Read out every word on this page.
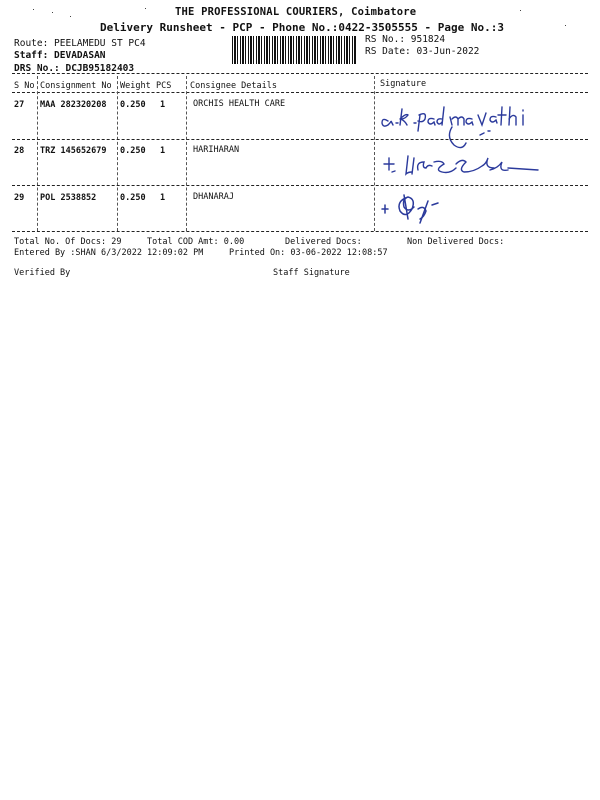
THE PROFESSIONAL COURIERS, Coimbatore
Delivery Runsheet - PCP - Phone No.:0422-3505555 - Page No.:3
Route: PEELAMEDU ST PC4
Staff: DEVADASAN
DRS No.: DCJB95182403
RS No.: 951824
RS Date: 03-Jun-2022
S No Consignment No Weight PCS Consignee Details	Signature
27 MAA 282320208 0.250 1	ORCHIS HEALTH CARE
28 TRZ 145652679 0.250 1	HARIHARAN
29 POL 2538852	0.250 1	DHANARAJ
Total No. Of Docs: 29	Total COD Amt: 0.00	Delivered Docs:	Non Delivered Docs:
Entered By :SHAN 6/3/2022 12:09:02 PM	Printed On: 03-06-2022 12:08:57
Verified By	Staff Signature
